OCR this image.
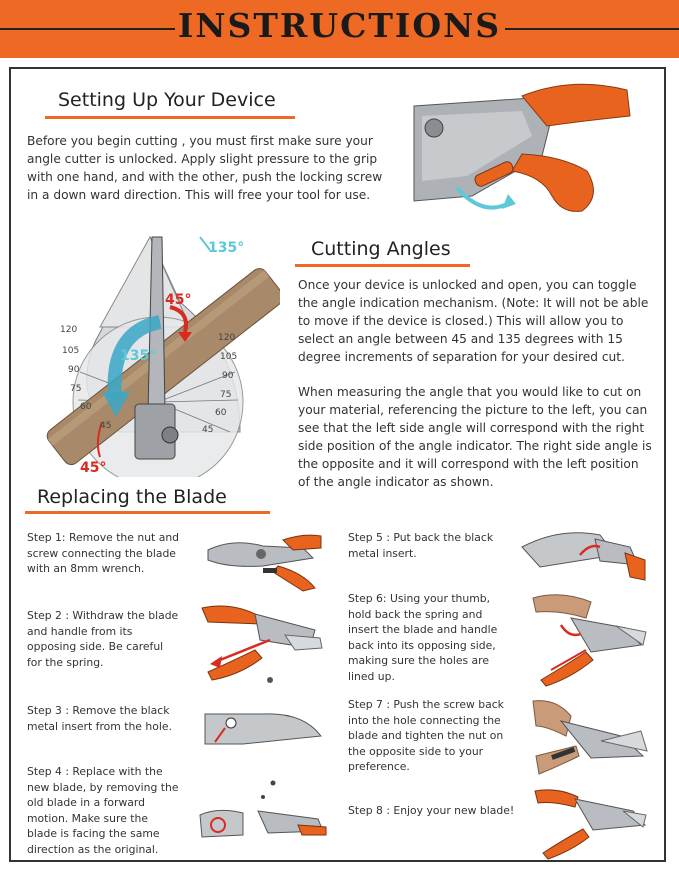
INSTRUCTIONS
Setting Up Your Device
Before you begin cutting , you must first make sure your
angle cutter is unlocked. Apply slight pressure to the grip
with one hand, and with the other, push the locking screw
in a down ward direction. This will free your tool for use.
135°
45°
135°
45°
120
105
90
75
60
45
120
105
90
75
60
45
Cutting Angles
Once your device is unlocked and open, you can toggle
the angle indication mechanism. (Note: It will not be able
to move if the device is closed.) This will allow you to
select an angle between 45 and 135 degrees with 15
degree increments of separation for your desired cut.
When measuring the angle that you would like to cut on
your material, referencing the picture to the left, you can
see that the left side angle will correspond with the right
side position of the angle indicator. The right side angle is
the opposite and it will correspond with the left position
of the angle indicator as shown.
Replacing the Blade
Step 1: Remove the nut and
screw connecting the blade
with an 8mm wrench.
Step 2 : Withdraw the blade
and handle from its
opposing side. Be careful
for the spring.
Step 3 : Remove the black
metal insert from the hole.
Step 4 : Replace with the
new blade, by removing the
old blade in a forward
motion. Make sure the
blade is facing the same
direction as the original.
Step 5 : Put back the black
metal insert.
Step 6: Using your thumb,
hold back the spring and
insert the blade and handle
back into its opposing side,
making sure the holes are
lined up.
Step 7 : Push the screw back
into the hole connecting the
blade and tighten the nut on
the opposite side to your
preference.
Step 8 : Enjoy your new blade!
